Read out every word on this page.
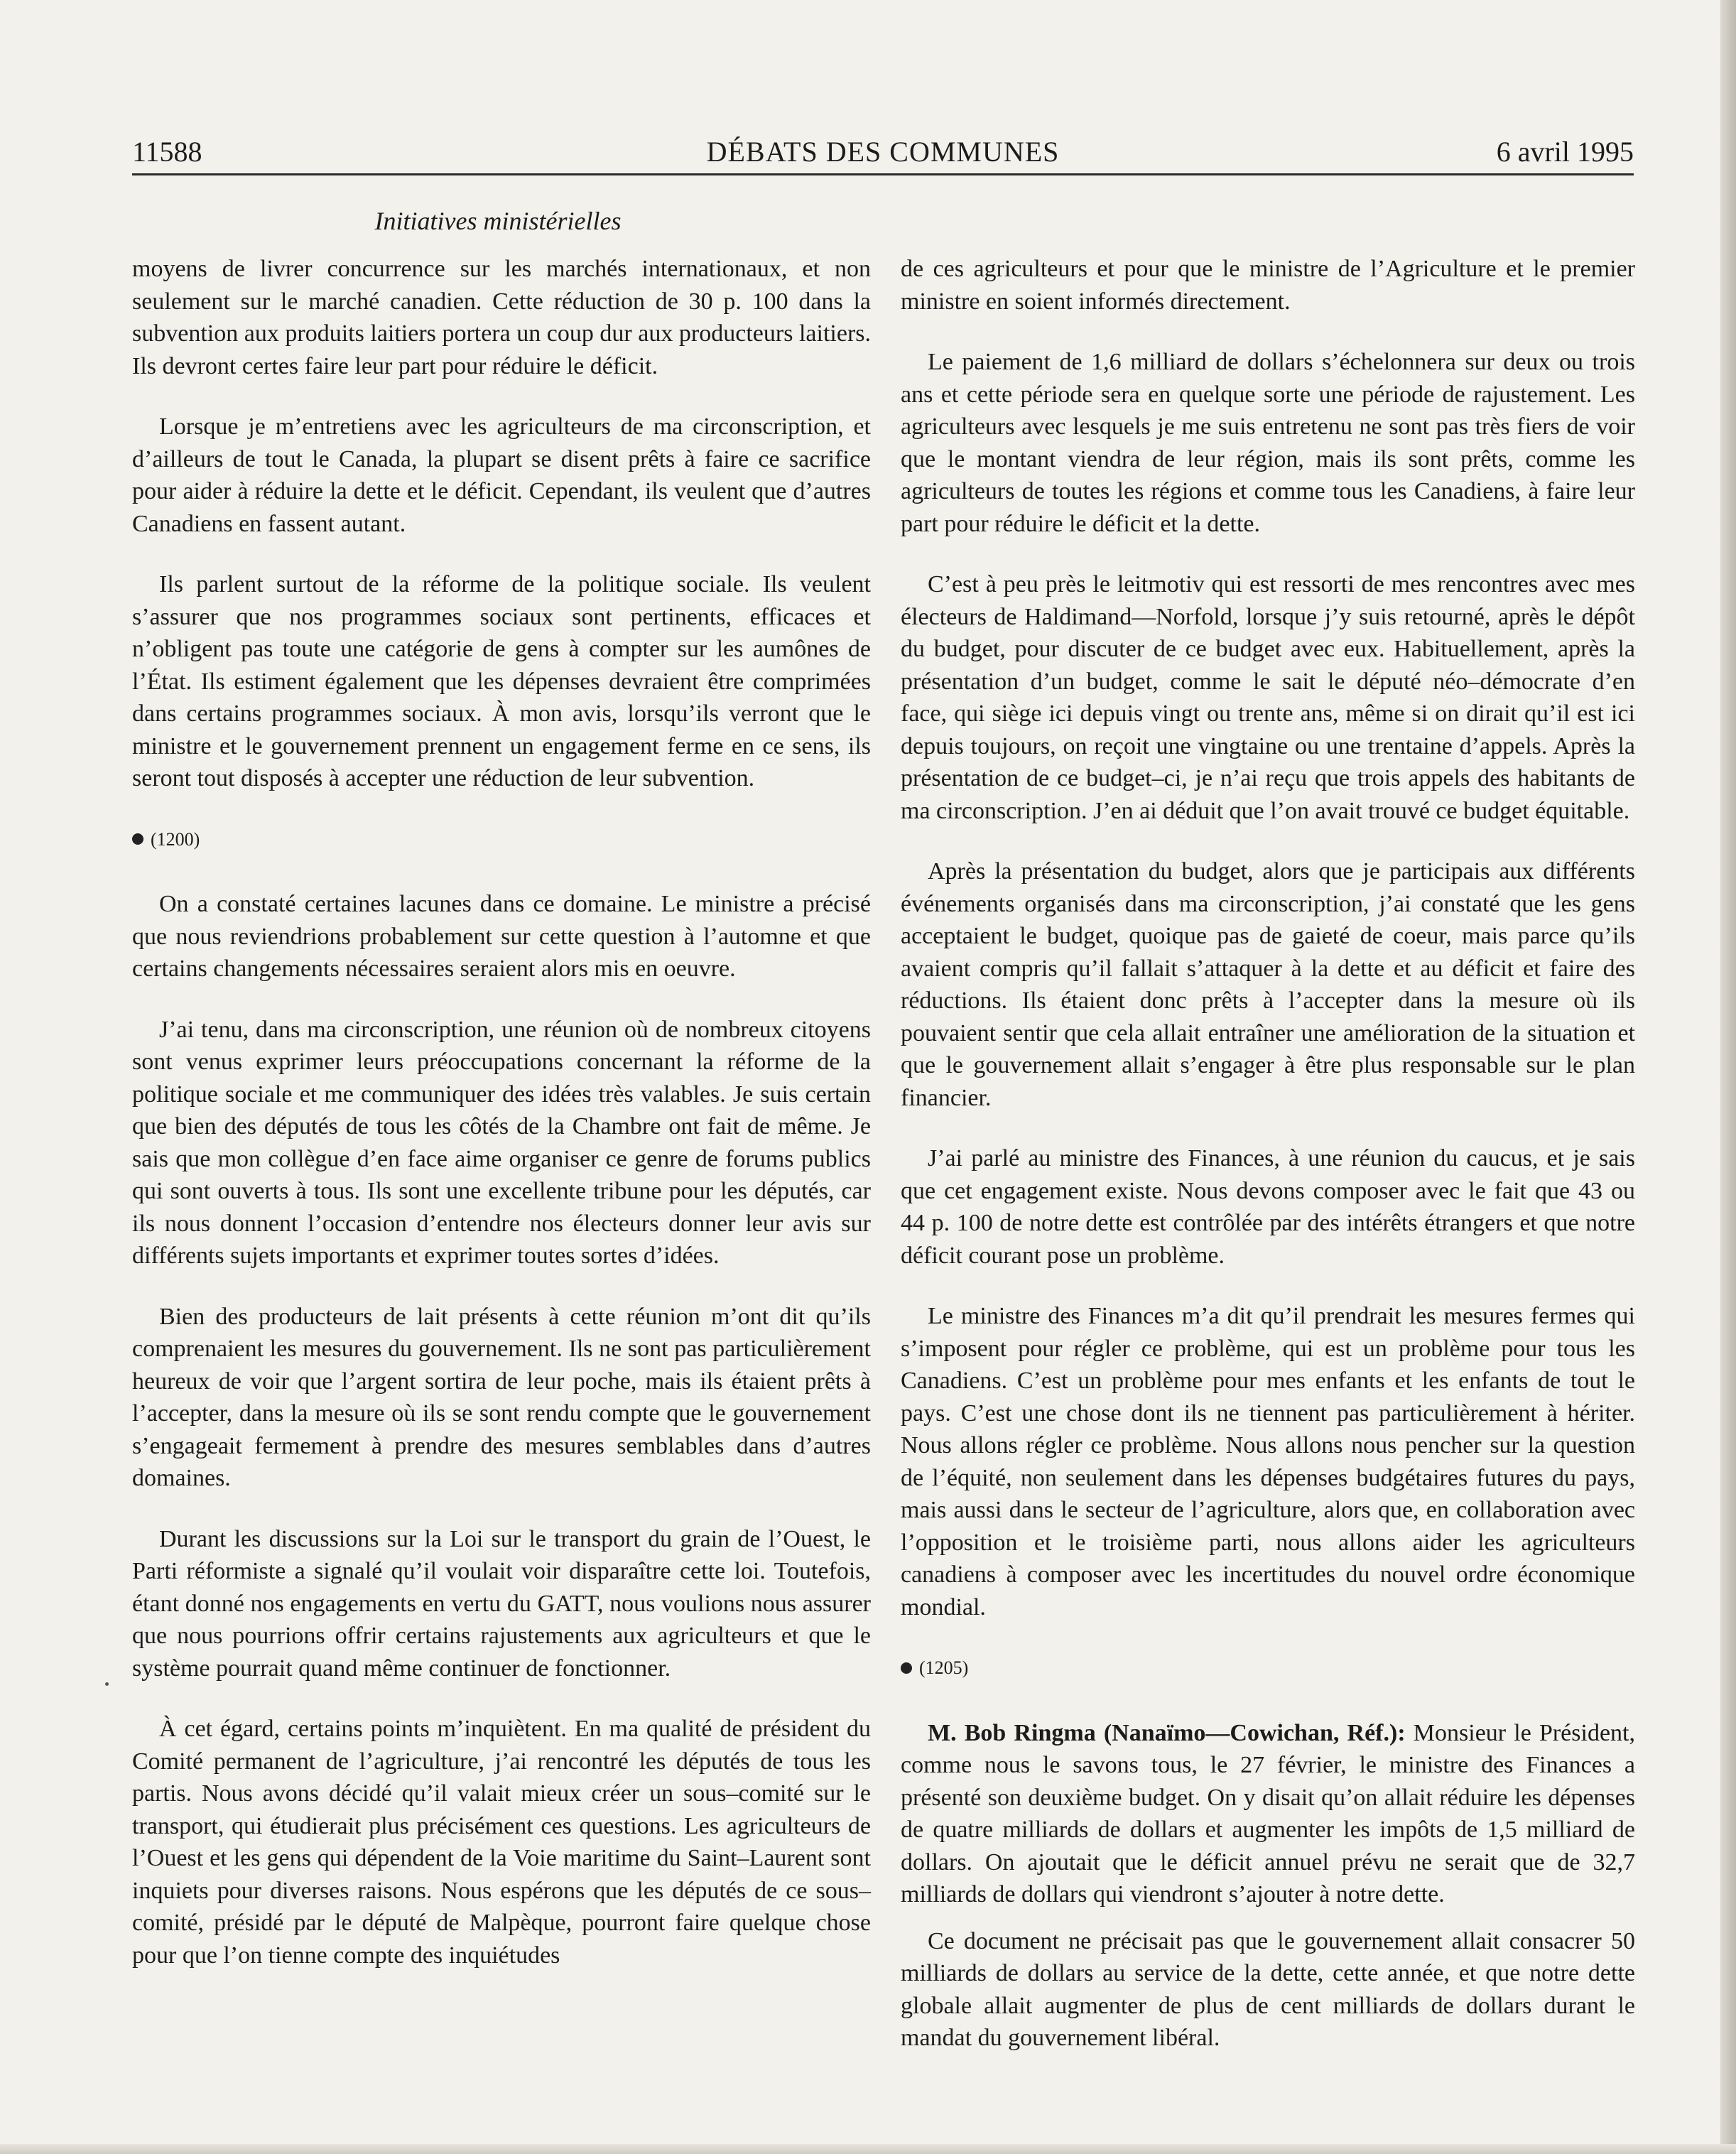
11588	DÉBATS DES COMMUNES	6 avril 1995
Initiatives ministérielles

moyens de livrer concurrence sur les marchés internationaux, et non seulement sur le marché canadien. Cette réduction de 30 p. 100 dans la subvention aux produits laitiers portera un coup dur aux producteurs laitiers. Ils devront certes faire leur part pour réduire le déficit.

Lorsque je m’entretiens avec les agriculteurs de ma circonscription, et d’ailleurs de tout le Canada, la plupart se disent prêts à faire ce sacrifice pour aider à réduire la dette et le déficit. Cependant, ils veulent que d’autres Canadiens en fassent autant.

Ils parlent surtout de la réforme de la politique sociale. Ils veulent s’assurer que nos programmes sociaux sont pertinents, efficaces et n’obligent pas toute une catégorie de gens à compter sur les aumônes de l’État. Ils estiment également que les dépenses devraient être comprimées dans certains programmes sociaux. À mon avis, lorsqu’ils verront que le ministre et le gouvernement prennent un engagement ferme en ce sens, ils seront tout disposés à accepter une réduction de leur subvention.

(1200)

On a constaté certaines lacunes dans ce domaine. Le ministre a précisé que nous reviendrions probablement sur cette question à l’automne et que certains changements nécessaires seraient alors mis en oeuvre.

J’ai tenu, dans ma circonscription, une réunion où de nombreux citoyens sont venus exprimer leurs préoccupations concernant la réforme de la politique sociale et me communiquer des idées très valables. Je suis certain que bien des députés de tous les côtés de la Chambre ont fait de même. Je sais que mon collègue d’en face aime organiser ce genre de forums publics qui sont ouverts à tous. Ils sont une excellente tribune pour les députés, car ils nous donnent l’occasion d’entendre nos électeurs donner leur avis sur différents sujets importants et exprimer toutes sortes d’idées.

Bien des producteurs de lait présents à cette réunion m’ont dit qu’ils comprenaient les mesures du gouvernement. Ils ne sont pas particulièrement heureux de voir que l’argent sortira de leur poche, mais ils étaient prêts à l’accepter, dans la mesure où ils se sont rendu compte que le gouvernement s’engageait fermement à prendre des mesures semblables dans d’autres domaines.

Durant les discussions sur la Loi sur le transport du grain de l’Ouest, le Parti réformiste a signalé qu’il voulait voir disparaître cette loi. Toutefois, étant donné nos engagements en vertu du GATT, nous voulions nous assurer que nous pourrions offrir certains rajustements aux agriculteurs et que le système pourrait quand même continuer de fonctionner.

À cet égard, certains points m’inquiètent. En ma qualité de président du Comité permanent de l’agriculture, j’ai rencontré les députés de tous les partis. Nous avons décidé qu’il valait mieux créer un sous–comité sur le transport, qui étudierait plus précisément ces questions. Les agriculteurs de l’Ouest et les gens qui dépendent de la Voie maritime du Saint–Laurent sont inquiets pour diverses raisons. Nous espérons que les députés de ce sous–comité, présidé par le député de Malpèque, pourront faire quelque chose pour que l’on tienne compte des inquiétudes

de ces agriculteurs et pour que le ministre de l’Agriculture et le premier ministre en soient informés directement.

Le paiement de 1,6 milliard de dollars s’échelonnera sur deux ou trois ans et cette période sera en quelque sorte une période de rajustement. Les agriculteurs avec lesquels je me suis entretenu ne sont pas très fiers de voir que le montant viendra de leur région, mais ils sont prêts, comme les agriculteurs de toutes les régions et comme tous les Canadiens, à faire leur part pour réduire le déficit et la dette.

C’est à peu près le leitmotiv qui est ressorti de mes rencontres avec mes électeurs de Haldimand—Norfold, lorsque j’y suis retourné, après le dépôt du budget, pour discuter de ce budget avec eux. Habituellement, après la présentation d’un budget, comme le sait le député néo–démocrate d’en face, qui siège ici depuis vingt ou trente ans, même si on dirait qu’il est ici depuis toujours, on reçoit une vingtaine ou une trentaine d’appels. Après la présentation de ce budget–ci, je n’ai reçu que trois appels des habitants de ma circonscription. J’en ai déduit que l’on avait trouvé ce budget équitable.

Après la présentation du budget, alors que je participais aux différents événements organisés dans ma circonscription, j’ai constaté que les gens acceptaient le budget, quoique pas de gaieté de coeur, mais parce qu’ils avaient compris qu’il fallait s’attaquer à la dette et au déficit et faire des réductions. Ils étaient donc prêts à l’accepter dans la mesure où ils pouvaient sentir que cela allait entraîner une amélioration de la situation et que le gouvernement allait s’engager à être plus responsable sur le plan financier.

J’ai parlé au ministre des Finances, à une réunion du caucus, et je sais que cet engagement existe. Nous devons composer avec le fait que 43 ou 44 p. 100 de notre dette est contrôlée par des intérêts étrangers et que notre déficit courant pose un problème.

Le ministre des Finances m’a dit qu’il prendrait les mesures fermes qui s’imposent pour régler ce problème, qui est un problème pour tous les Canadiens. C’est un problème pour mes enfants et les enfants de tout le pays. C’est une chose dont ils ne tiennent pas particulièrement à hériter. Nous allons régler ce problème. Nous allons nous pencher sur la question de l’équité, non seulement dans les dépenses budgétaires futures du pays, mais aussi dans le secteur de l’agriculture, alors que, en collaboration avec l’opposition et le troisième parti, nous allons aider les agriculteurs canadiens à composer avec les incertitudes du nouvel ordre économique mondial.

(1205)

M. Bob Ringma (Nanaïmo—Cowichan, Réf.): Monsieur le Président, comme nous le savons tous, le 27 février, le ministre des Finances a présenté son deuxième budget. On y disait qu’on allait réduire les dépenses de quatre milliards de dollars et augmenter les impôts de 1,5 milliard de dollars. On ajoutait que le déficit annuel prévu ne serait que de 32,7 milliards de dollars qui viendront s’ajouter à notre dette.

Ce document ne précisait pas que le gouvernement allait consacrer 50 milliards de dollars au service de la dette, cette année, et que notre dette globale allait augmenter de plus de cent milliards de dollars durant le mandat du gouvernement libéral.
